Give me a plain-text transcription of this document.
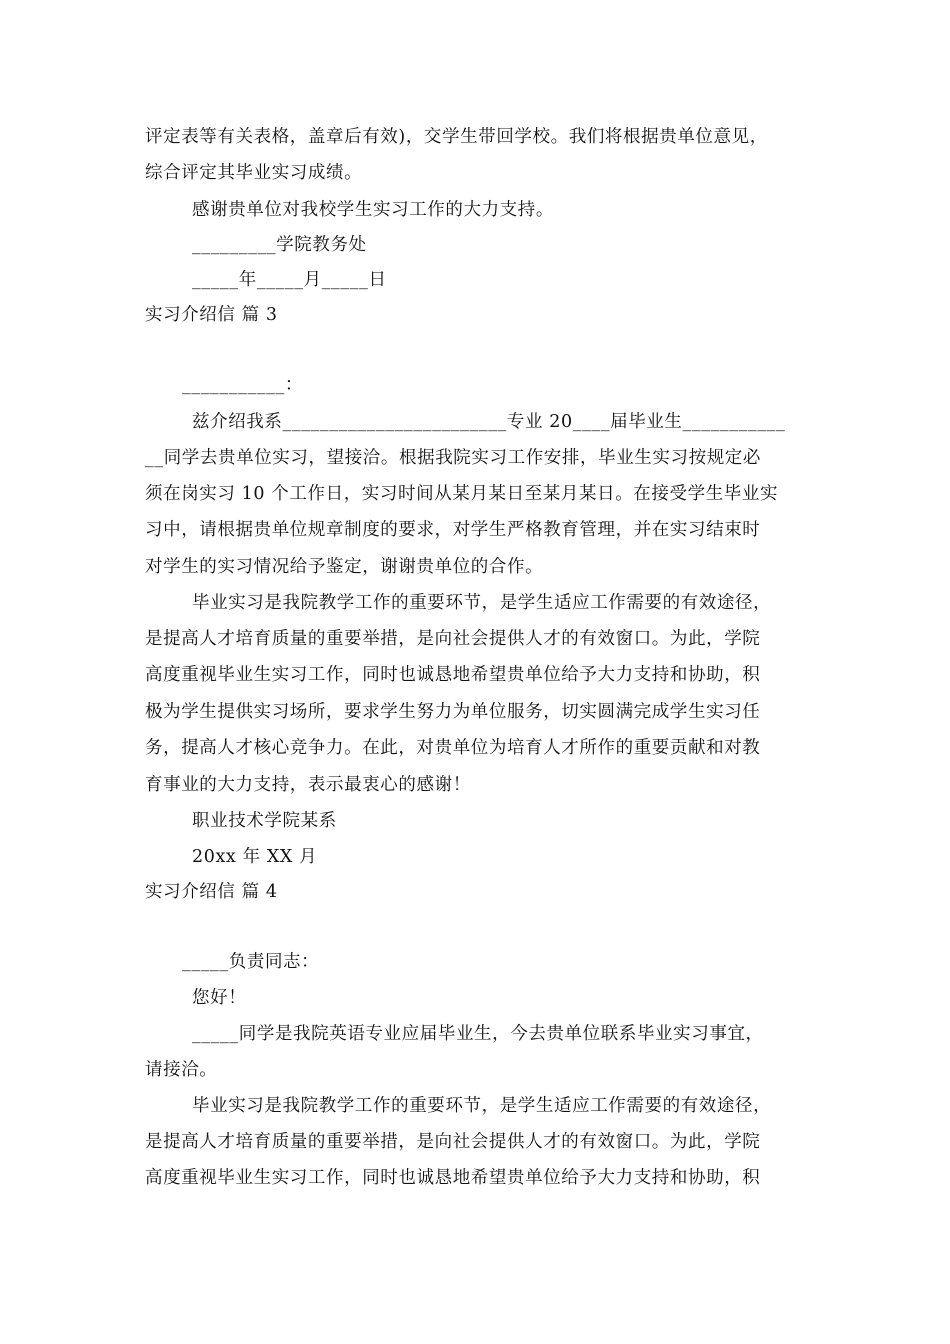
评定表等有关表格，盖章后有效)，交学生带回学校。我们将根据贵单位意见，
综合评定其毕业实习成绩。
感谢贵单位对我校学生实习工作的大力支持。
_________学院教务处
_____年_____月_____日
实习介绍信 篇 3
___________：
兹介绍我系________________________专业 20____届毕业生___________
__同学去贵单位实习，望接洽。根据我院实习工作安排，毕业生实习按规定必
须在岗实习 10 个工作日，实习时间从某月某日至某月某日。在接受学生毕业实
习中，请根据贵单位规章制度的要求，对学生严格教育管理，并在实习结束时
对学生的实习情况给予鉴定，谢谢贵单位的合作。
毕业实习是我院教学工作的重要环节，是学生适应工作需要的有效途径，
是提高人才培育质量的重要举措，是向社会提供人才的有效窗口。为此，学院
高度重视毕业生实习工作，同时也诚恳地希望贵单位给予大力支持和协助，积
极为学生提供实习场所，要求学生努力为单位服务，切实圆满完成学生实习任
务，提高人才核心竞争力。在此，对贵单位为培育人才所作的重要贡献和对教
育事业的大力支持，表示最衷心的感谢！
职业技术学院某系
20xx 年 XX 月
实习介绍信 篇 4
_____负责同志：
您好！
_____同学是我院英语专业应届毕业生，今去贵单位联系毕业实习事宜，
请接洽。
毕业实习是我院教学工作的重要环节，是学生适应工作需要的有效途径，
是提高人才培育质量的重要举措，是向社会提供人才的有效窗口。为此，学院
高度重视毕业生实习工作，同时也诚恳地希望贵单位给予大力支持和协助，积
